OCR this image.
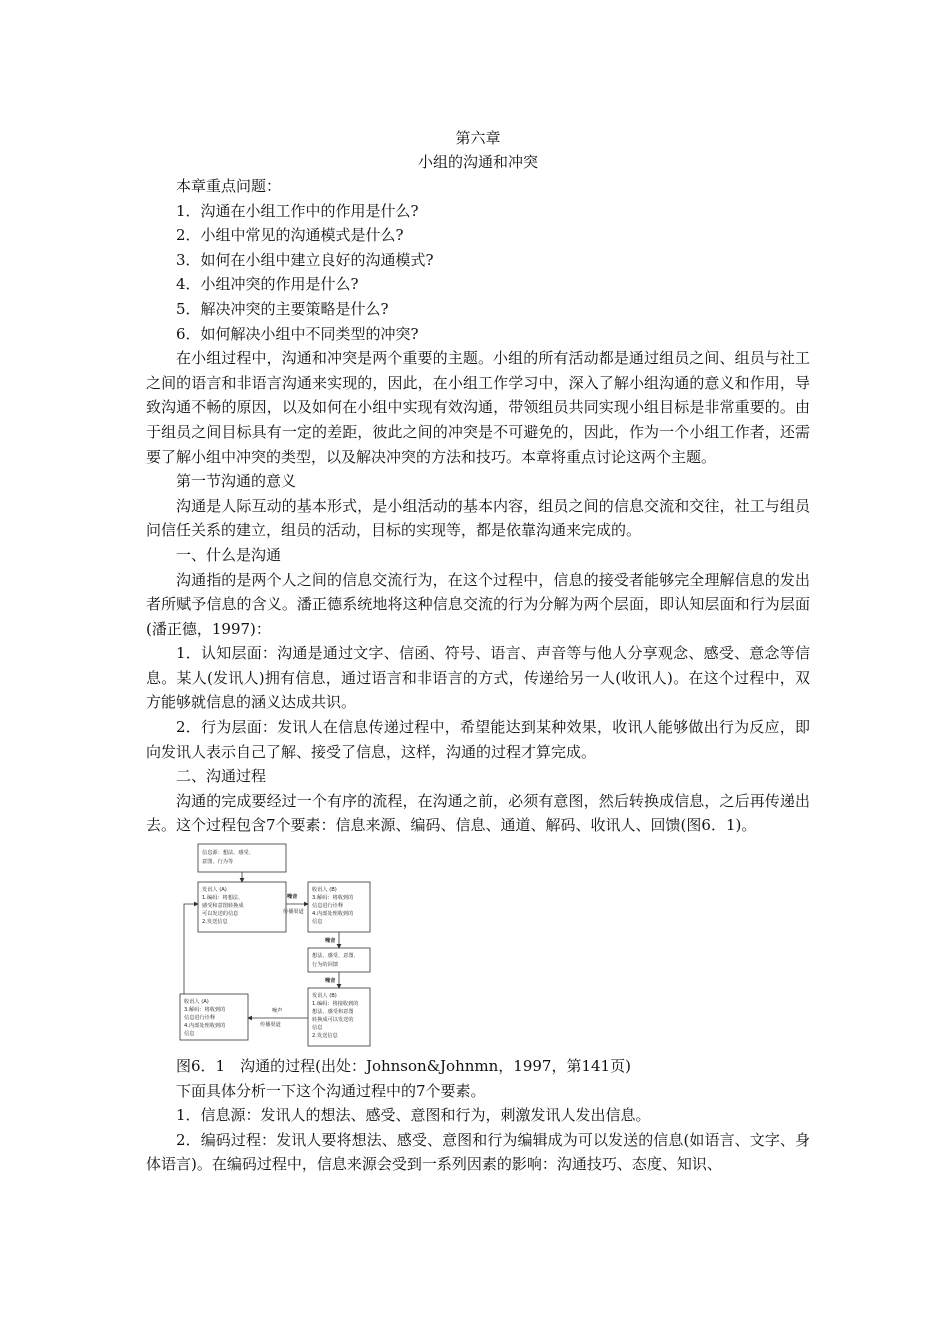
第六章

小组的沟通和冲突

本章重点问题：

1．沟通在小组工作中的作用是什么?

2．小组中常见的沟通模式是什么?

3．如何在小组中建立良好的沟通模式?

4．小组冲突的作用是什么?

5．解决冲突的主要策略是什么?

6．如何解决小组中不同类型的冲突?

在小组过程中，沟通和冲突是两个重要的主题。小组的所有活动都是通过组员之间、组员与社工之间的语言和非语言沟通来实现的，因此，在小组工作学习中，深入了解小组沟通的意义和作用，导致沟通不畅的原因，以及如何在小组中实现有效沟通，带领组员共同实现小组目标是非常重要的。由于组员之间目标具有一定的差距，彼此之间的冲突是不可避免的，因此，作为一个小组工作者，还需要了解小组中冲突的类型，以及解决冲突的方法和技巧。本章将重点讨论这两个主题。

第一节沟通的意义

沟通是人际互动的基本形式，是小组活动的基本内容，组员之间的信息交流和交往，社工与组员问信任关系的建立，组员的活动，目标的实现等，都是依靠沟通来完成的。

一、什么是沟通

沟通指的是两个人之间的信息交流行为，在这个过程中，信息的接受者能够完全理解信息的发出者所赋予信息的含义。潘正德系统地将这种信息交流的行为分解为两个层面，即认知层面和行为层面(潘正德，1997)：

1．认知层面：沟通是通过文字、信函、符号、语言、声音等与他人分享观念、感受、意念等信息。某人(发讯人)拥有信息，通过语言和非语言的方式，传递给另一人(收讯人)。在这个过程中，双方能够就信息的涵义达成共识。

2．行为层面：发讯人在信息传递过程中，希望能达到某种效果，收讯人能够做出行为反应，即向发讯人表示自己了解、接受了信息，这样，沟通的过程才算完成。

二、沟通过程

沟通的完成要经过一个有序的流程，在沟通之前，必须有意图，然后转换成信息，之后再传递出去。这个过程包含7个要素：信息来源、编码、信息、通道、解码、收讯人、回馈(图6．1)。

信息源：想法、感受、
意图、行为等
发讯人 (A)
1.编码：将想法、
感受和意图转换成
可以发送的信息
2.发送信息
噪音
传播渠道
收讯人 (B)
3.解码：将收到的
信息进行诠释
4.内部处理收到的
信息
噪音
想法、感受、意图、
行为的回馈
噪音
发讯人 (B)
1.编码：将接收到的
想法、感受和意图
转换成可以发送的
信息
2.发送信息
噪声
传播渠道
收讯人 (A)
3.解码：将收到的
信息进行诠释
4.内部处理收到的
信息

图6．1　沟通的过程(出处：Johnson&Johnmn，1997，第141页)

下面具体分析一下这个沟通过程中的7个要素。

1．信息源：发讯人的想法、感受、意图和行为，刺激发讯人发出信息。

2．编码过程：发讯人要将想法、感受、意图和行为编辑成为可以发送的信息(如语言、文字、身体语言)。在编码过程中，信息来源会受到一系列因素的影响：沟通技巧、态度、知识、
